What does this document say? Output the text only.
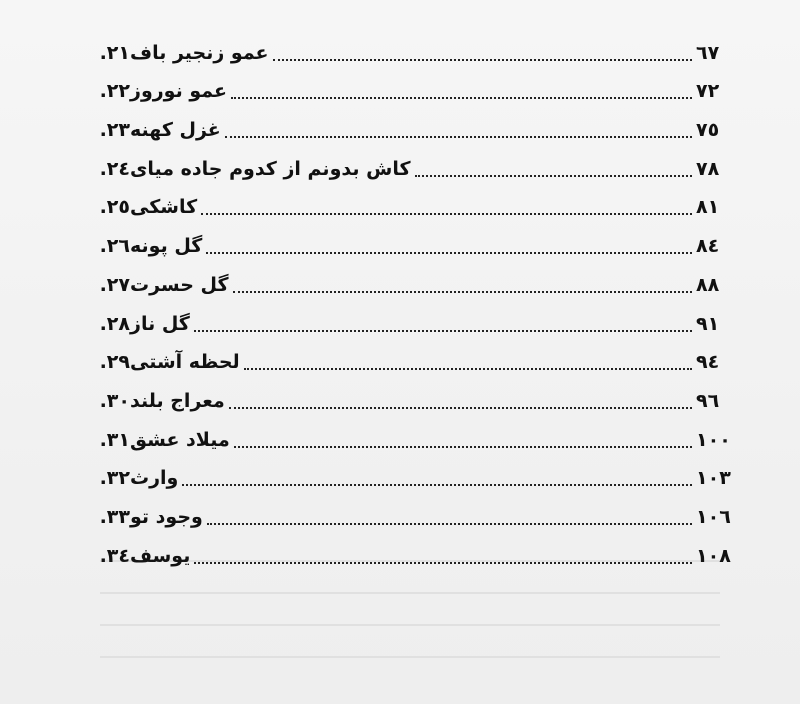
٢١. عمو زنجیر باف	٦٧
٢٢. عمو نوروز	٧٢
٢٣. غزل کهنه	٧٥
٢٤. کاش بدونم از کدوم جاده میای	٧٨
٢٥. کاشکی	٨١
٢٦. گل پونه	٨٤
٢٧. گل حسرت	٨٨
٢٨. گل ناز	٩١
٢٩. لحظه آشتی	٩٤
٣٠. معراج بلند	٩٦
٣١. میلاد عشق	١٠٠
٣٢. وارث	١٠٣
٣٣. وجود تو	١٠٦
٣٤. یوسف	١٠٨
